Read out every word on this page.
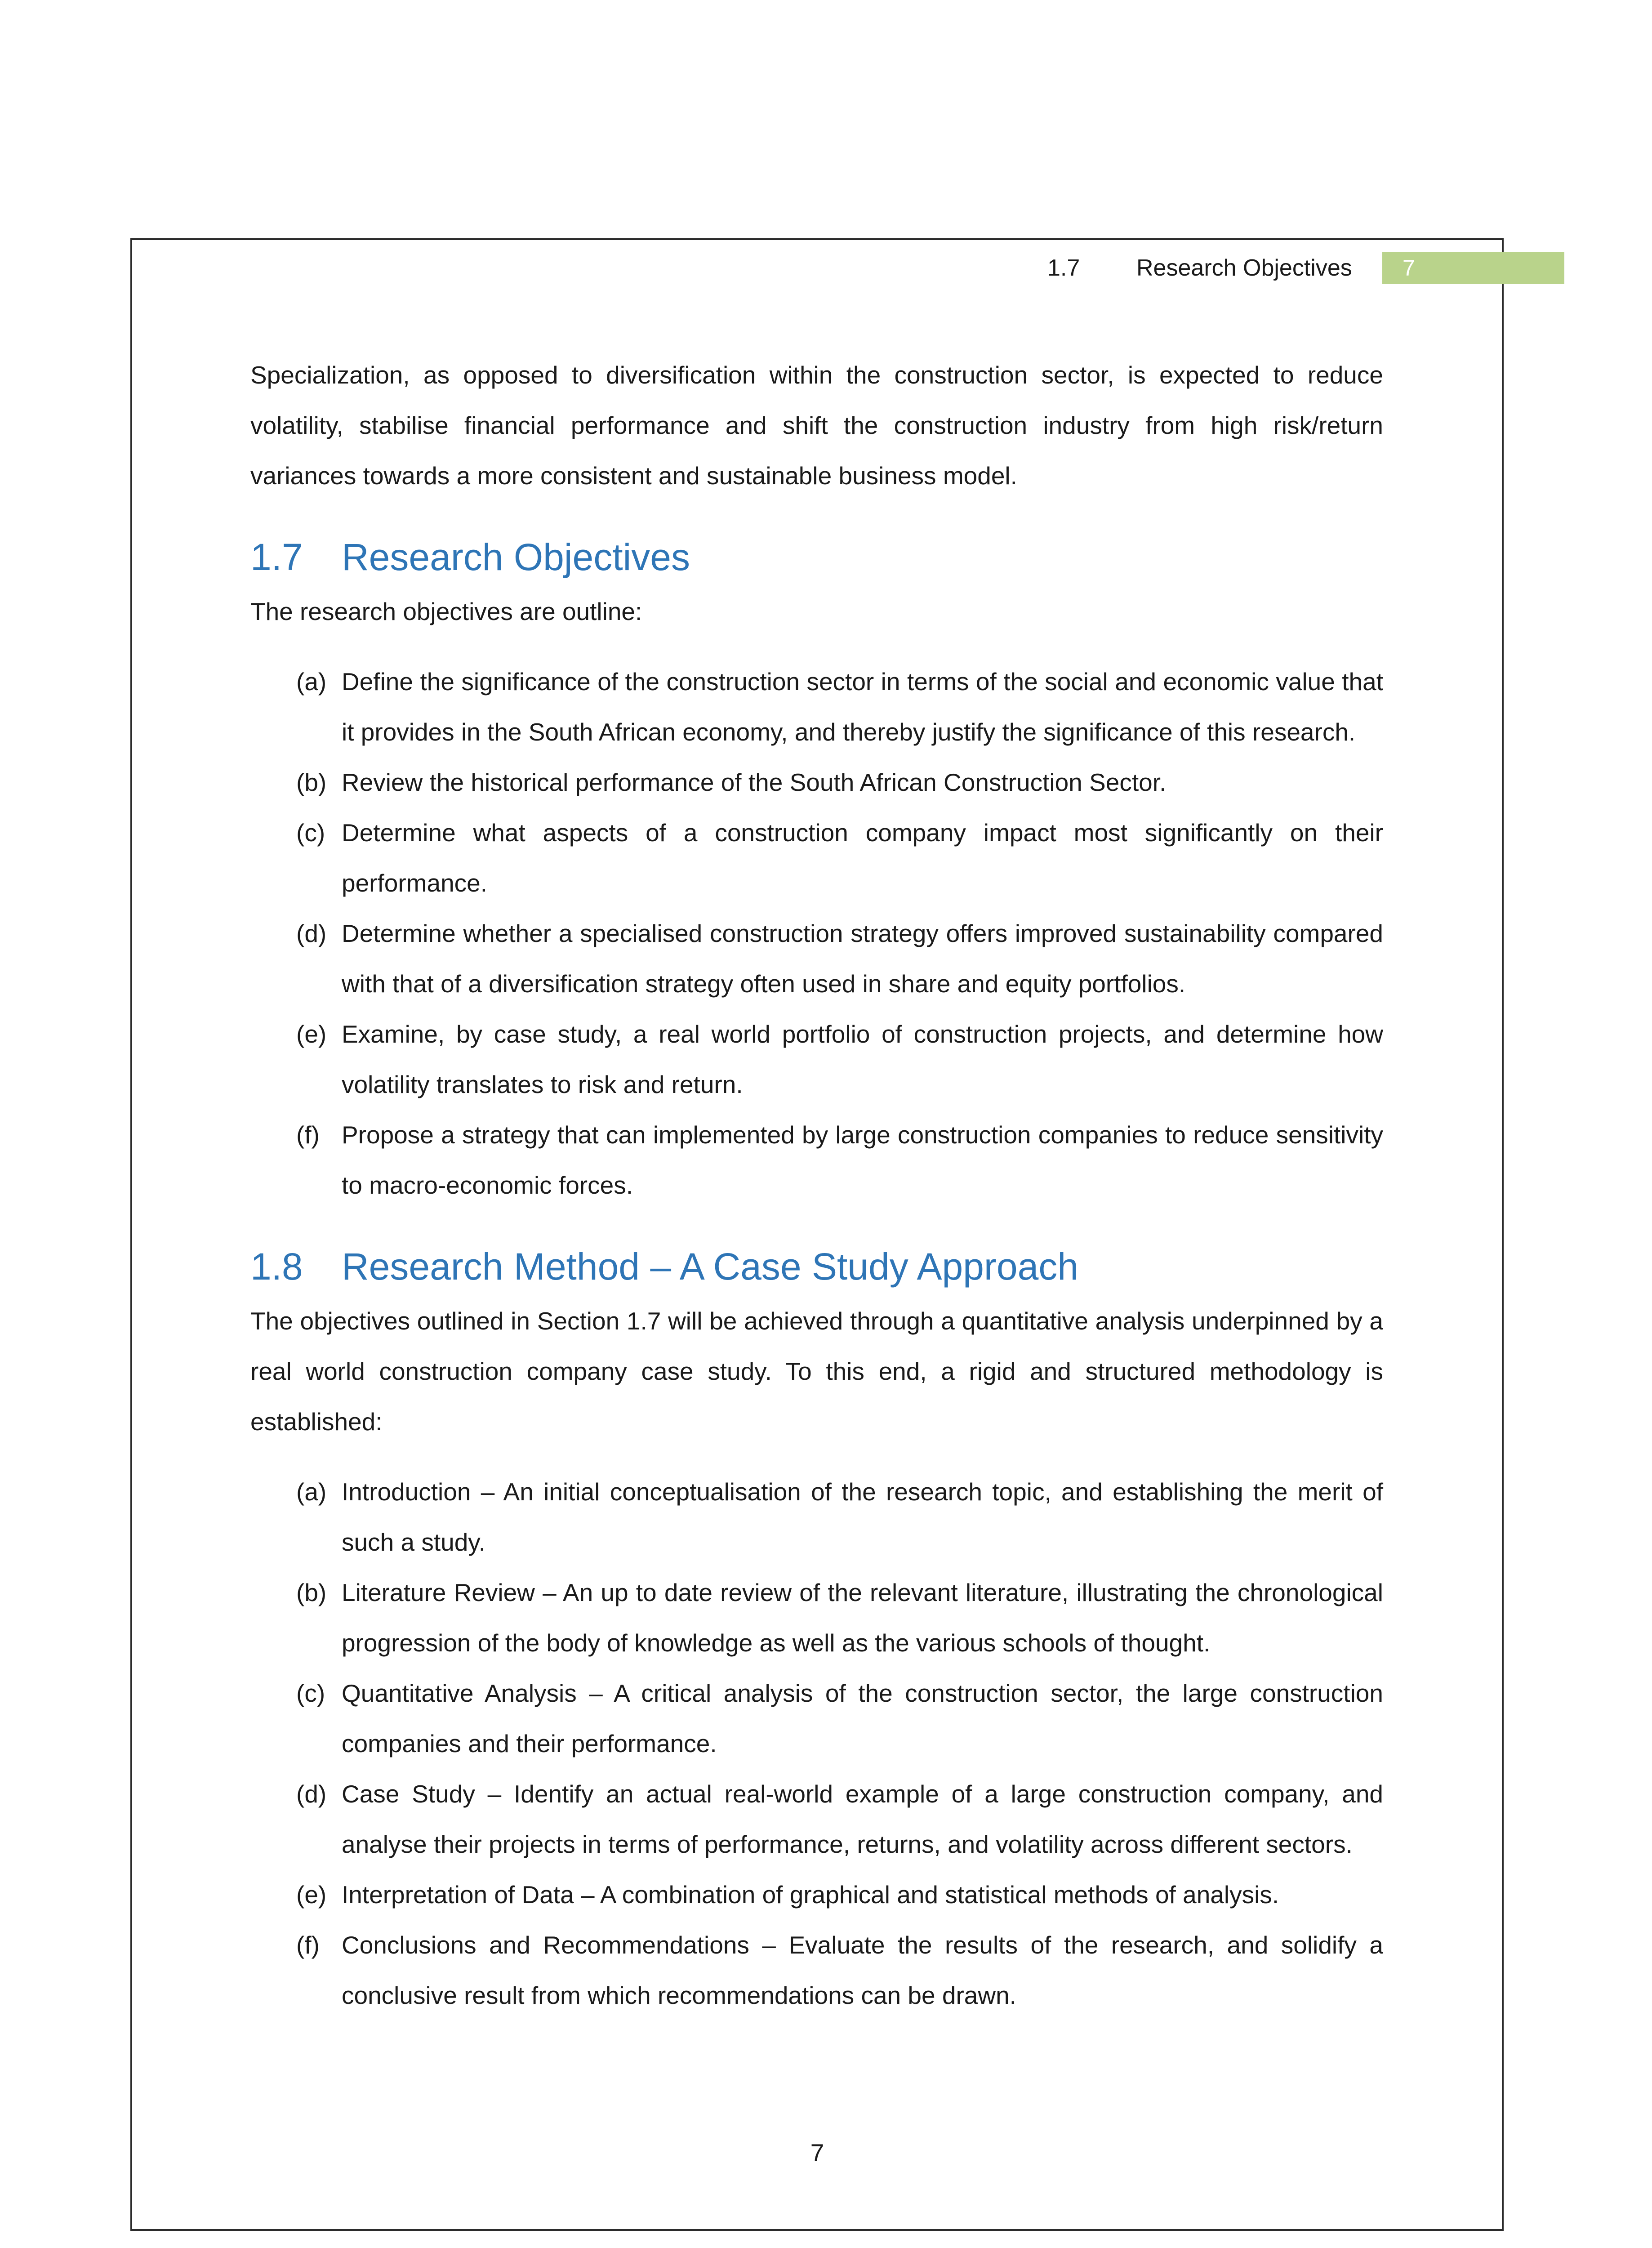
1.7 Research Objectives 7

Specialization, as opposed to diversification within the construction sector, is expected to reduce volatility, stabilise financial performance and shift the construction industry from high risk/return variances towards a more consistent and sustainable business model.

1.7 Research Objectives

The research objectives are outline:

(a) Define the significance of the construction sector in terms of the social and economic value that it provides in the South African economy, and thereby justify the significance of this research.
(b) Review the historical performance of the South African Construction Sector.
(c) Determine what aspects of a construction company impact most significantly on their performance.
(d) Determine whether a specialised construction strategy offers improved sustainability compared with that of a diversification strategy often used in share and equity portfolios.
(e) Examine, by case study, a real world portfolio of construction projects, and determine how volatility translates to risk and return.
(f) Propose a strategy that can implemented by large construction companies to reduce sensitivity to macro-economic forces.
1.8 Research Method – A Case Study Approach

The objectives outlined in Section 1.7 will be achieved through a quantitative analysis underpinned by a real world construction company case study. To this end, a rigid and structured methodology is established:

(a) Introduction – An initial conceptualisation of the research topic, and establishing the merit of such a study.
(b) Literature Review – An up to date review of the relevant literature, illustrating the chronological progression of the body of knowledge as well as the various schools of thought.
(c) Quantitative Analysis – A critical analysis of the construction sector, the large construction companies and their performance.
(d) Case Study – Identify an actual real-world example of a large construction company, and analyse their projects in terms of performance, returns, and volatility across different sectors.
(e) Interpretation of Data – A combination of graphical and statistical methods of analysis.
(f) Conclusions and Recommendations – Evaluate the results of the research, and solidify a conclusive result from which recommendations can be drawn.
7
